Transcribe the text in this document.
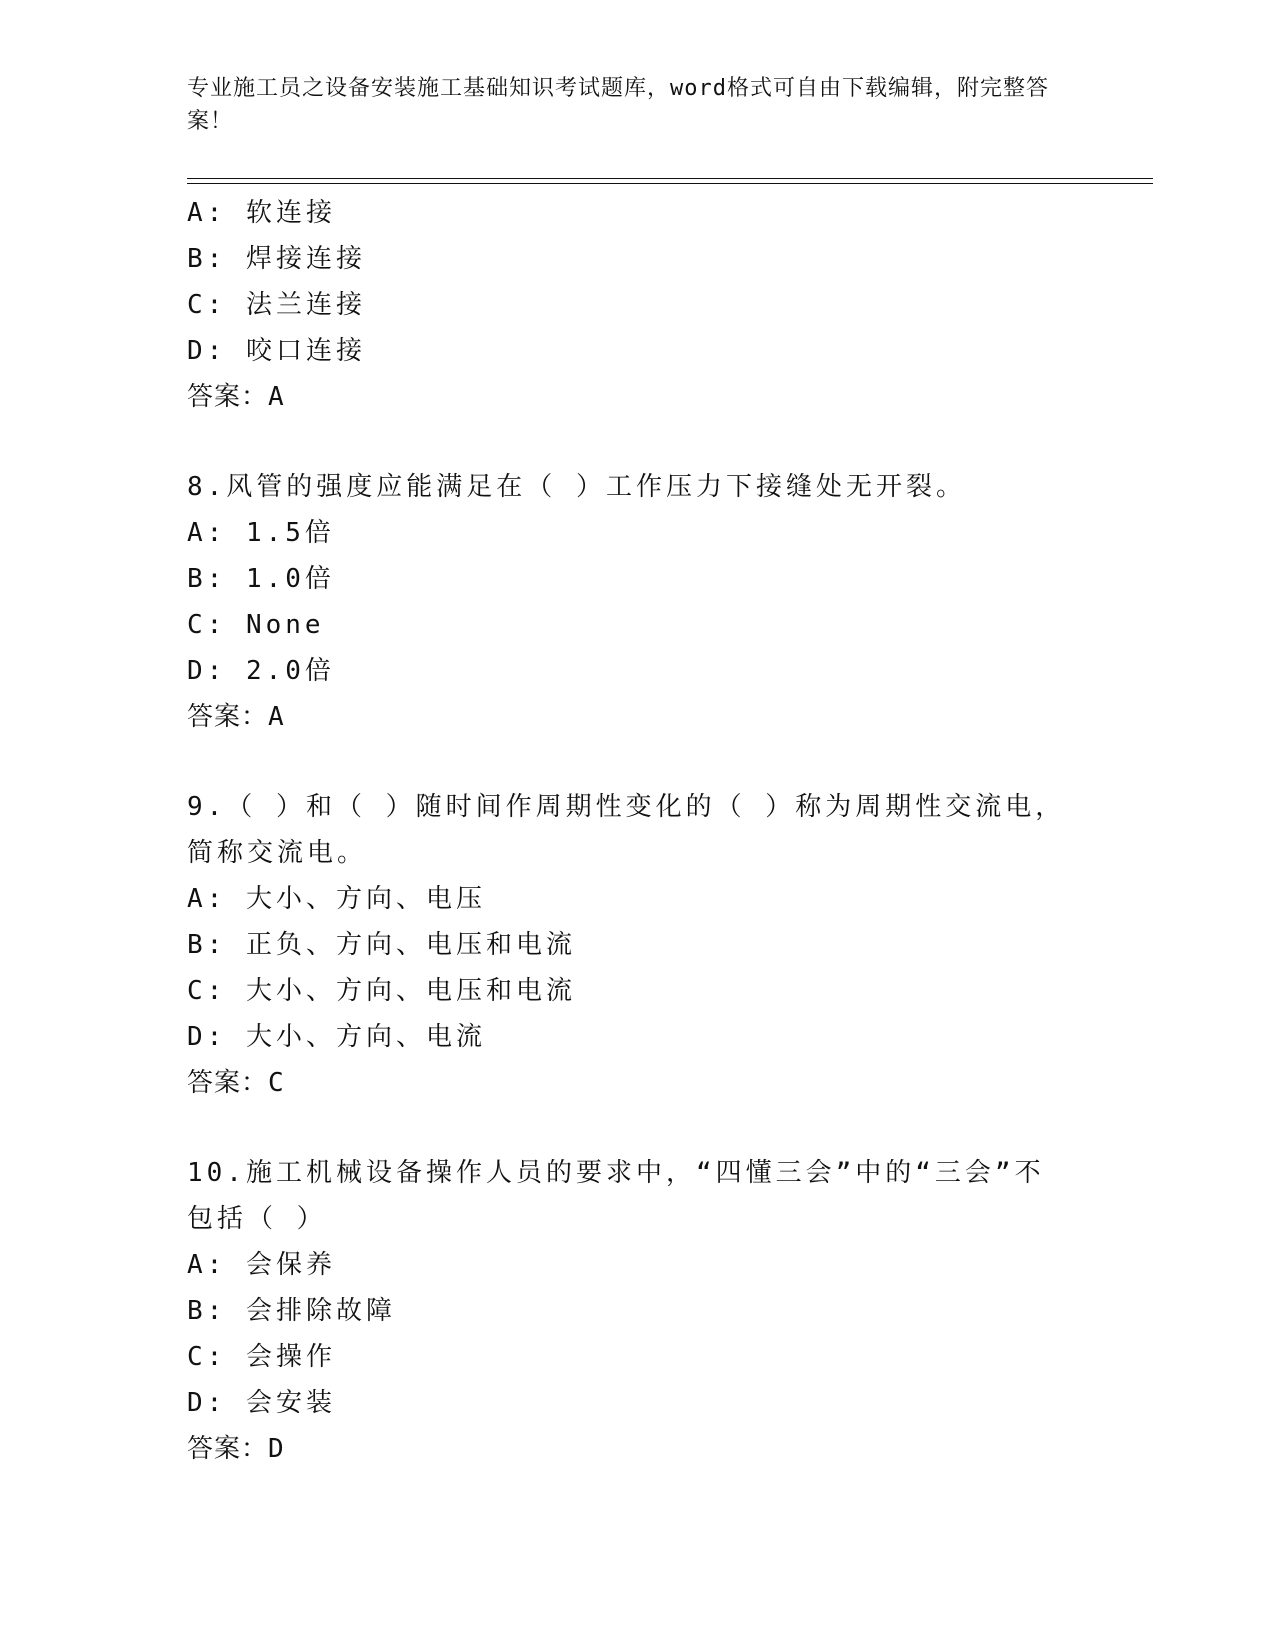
专业施工员之设备安装施工基础知识考试题库，word格式可自由下载编辑，附完整答案！
A: 软连接
B: 焊接连接
C: 法兰连接
D: 咬口连接
答案：A
8.风管的强度应能满足在（ ）工作压力下接缝处无开裂。
A: 1.5倍
B: 1.0倍
C: None
D: 2.0倍
答案：A
9.（ ）和（ ）随时间作周期性变化的（ ）称为周期性交流电，简称交流电。
A: 大小、方向、电压
B: 正负、方向、电压和电流
C: 大小、方向、电压和电流
D: 大小、方向、电流
答案：C
10.施工机械设备操作人员的要求中，“四懂三会”中的“三会”不包括（ ）
A: 会保养
B: 会排除故障
C: 会操作
D: 会安装
答案：D
